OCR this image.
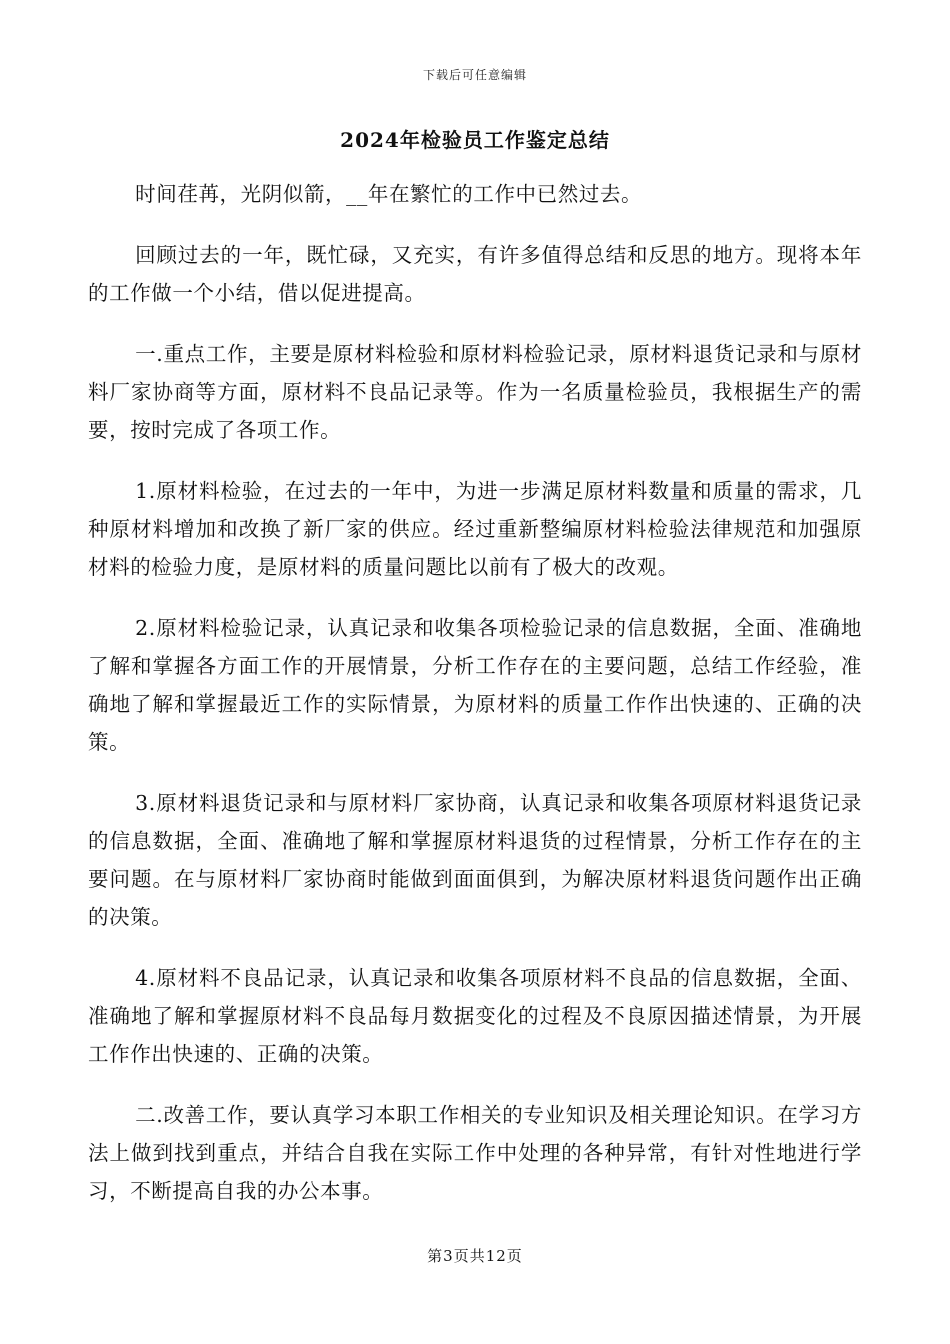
下载后可任意编辑
2024年检验员工作鉴定总结

时间荏苒，光阴似箭，__年在繁忙的工作中已然过去。

回顾过去的一年，既忙碌，又充实，有许多值得总结和反思的地方。现将本年的工作做一个小结，借以促进提高。

一.重点工作，主要是原材料检验和原材料检验记录，原材料退货记录和与原材料厂家协商等方面，原材料不良品记录等。作为一名质量检验员，我根据生产的需要，按时完成了各项工作。

1.原材料检验，在过去的一年中，为进一步满足原材料数量和质量的需求，几种原材料增加和改换了新厂家的供应。经过重新整编原材料检验法律规范和加强原材料的检验力度，是原材料的质量问题比以前有了极大的改观。

2.原材料检验记录，认真记录和收集各项检验记录的信息数据，全面、准确地了解和掌握各方面工作的开展情景，分析工作存在的主要问题，总结工作经验，准确地了解和掌握最近工作的实际情景，为原材料的质量工作作出快速的、正确的决策。

3.原材料退货记录和与原材料厂家协商，认真记录和收集各项原材料退货记录的信息数据，全面、准确地了解和掌握原材料退货的过程情景，分析工作存在的主要问题。在与原材料厂家协商时能做到面面俱到，为解决原材料退货问题作出正确的决策。

4.原材料不良品记录，认真记录和收集各项原材料不良品的信息数据，全面、准确地了解和掌握原材料不良品每月数据变化的过程及不良原因描述情景，为开展工作作出快速的、正确的决策。

二.改善工作，要认真学习本职工作相关的专业知识及相关理论知识。在学习方法上做到找到重点，并结合自我在实际工作中处理的各种异常，有针对性地进行学习，不断提高自我的办公本事。

第3页共12页
